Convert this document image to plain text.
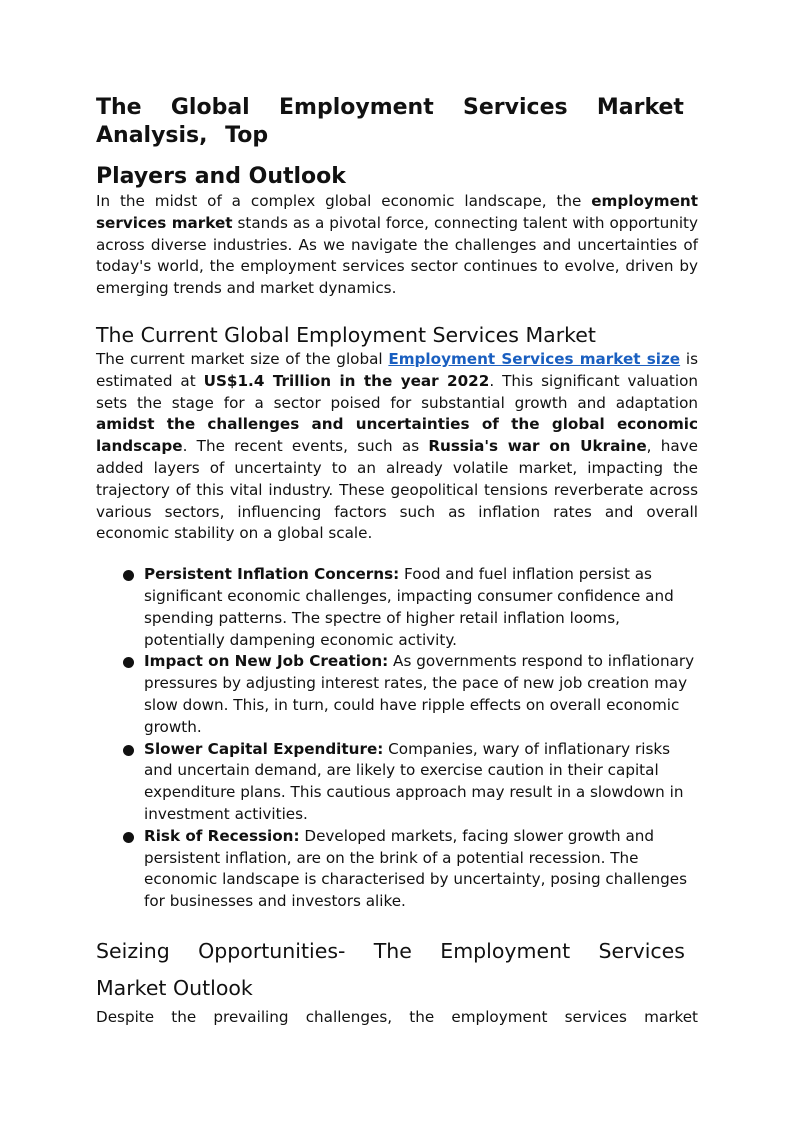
The Global Employment Services Market
Analysis, Top
Players and Outlook

In the midst of a complex global economic landscape, the employment services market stands as a pivotal force, connecting talent with opportunity across diverse industries. As we navigate the challenges and uncertainties of today's world, the employment services sector continues to evolve, driven by emerging trends and market dynamics.

The Current Global Employment Services Market

The current market size of the global Employment Services market size is estimated at US$1.4 Trillion in the year 2022. This significant valuation sets the stage for a sector poised for substantial growth and adaptation amidst the challenges and uncertainties of the global economic landscape. The recent events, such as Russia's war on Ukraine, have added layers of uncertainty to an already volatile market, impacting the trajectory of this vital industry. These geopolitical tensions reverberate across various sectors, influencing factors such as inflation rates and overall economic stability on a global scale.

Persistent Inflation Concerns: Food and fuel inflation persist as significant economic challenges, impacting consumer confidence and spending patterns. The spectre of higher retail inflation looms, potentially dampening economic activity.
Impact on New Job Creation: As governments respond to inflationary pressures by adjusting interest rates, the pace of new job creation may slow down. This, in turn, could have ripple effects on overall economic growth.
Slower Capital Expenditure: Companies, wary of inflationary risks and uncertain demand, are likely to exercise caution in their capital expenditure plans. This cautious approach may result in a slowdown in investment activities.
Risk of Recession: Developed markets, facing slower growth and persistent inflation, are on the brink of a potential recession. The economic landscape is characterised by uncertainty, posing challenges for businesses and investors alike.
Seizing Opportunities- The Employment Services
Market Outlook

Despite the prevailing challenges, the employment services market
